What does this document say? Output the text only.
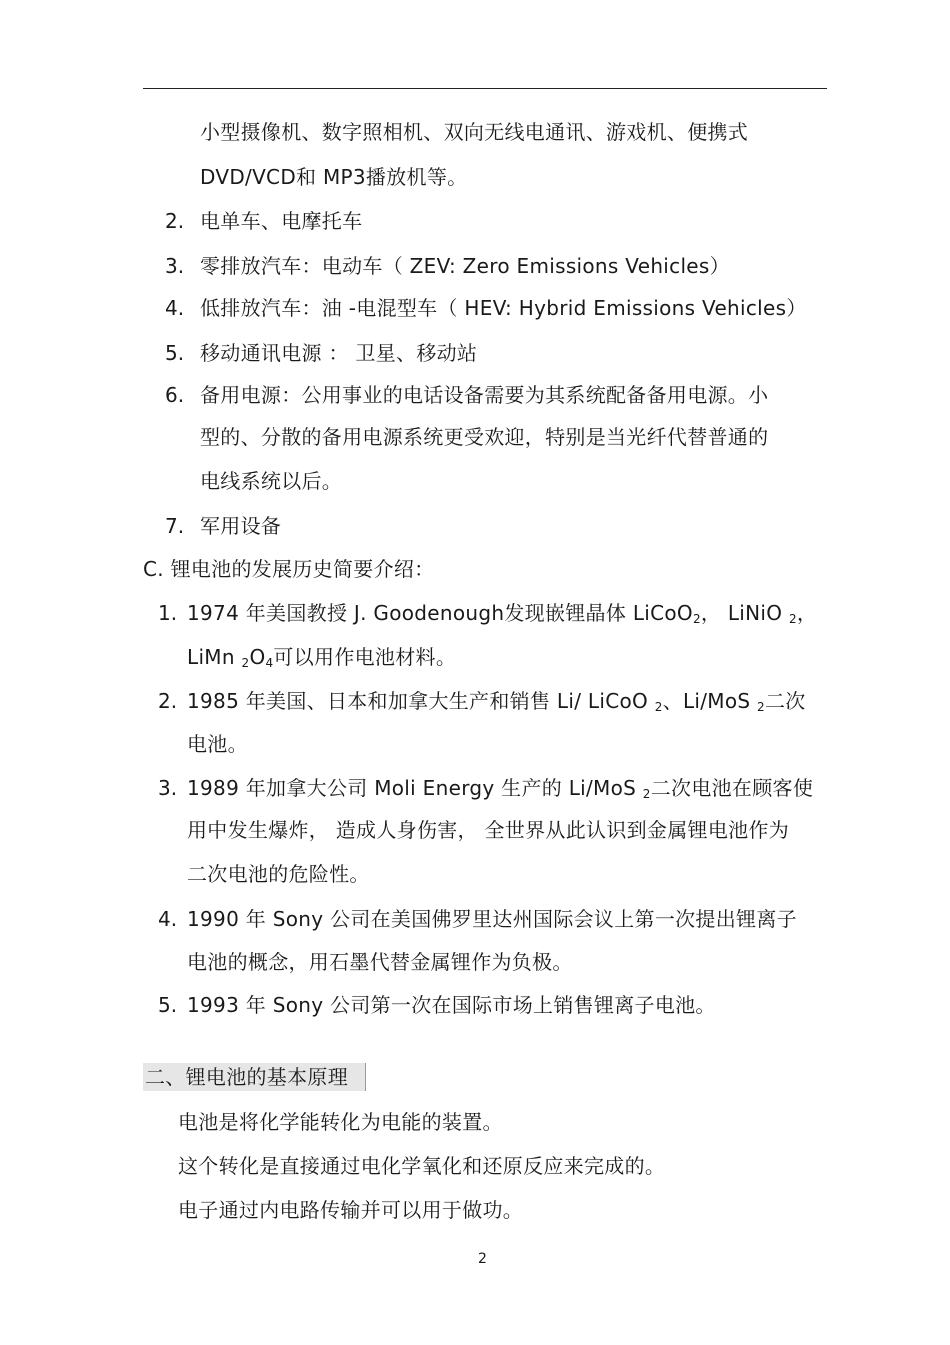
小型摄像机、数字照相机、双向无线电通讯、游戏机、便携式
DVD/VCD和 MP3播放机等。
2. 电单车、电摩托车
3. 零排放汽车：电动车（ ZEV: Zero Emissions Vehicles）
4. 低排放汽车：油 -电混型车（ HEV: Hybrid Emissions Vehicles）
5. 移动通讯电源 ： 卫星、移动站
6. 备用电源：公用事业的电话设备需要为其系统配备备用电源。小
型的、分散的备用电源系统更受欢迎，特别是当光纤代替普通的
电线系统以后。
7. 军用设备
C. 锂电池的发展历史简要介绍：
1. 1974 年美国教授 J. Goodenough发现嵌锂晶体 LiCoO$_2$， LiNiO $_2$，
LiMn $_2O_4$可以用作电池材料。
2. 1985 年美国、日本和加拿大生产和销售 Li/ LiCoO $_2$、Li/MoS $_2$二次
电池。
3. 1989 年加拿大公司 Moli Energy 生产的 Li/MoS $_2$二次电池在顾客使
用中发生爆炸， 造成人身伤害， 全世界从此认识到金属锂电池作为
二次电池的危险性。
4. 1990 年 Sony 公司在美国佛罗里达州国际会议上第一次提出锂离子
电池的概念，用石墨代替金属锂作为负极。
5. 1993 年 Sony 公司第一次在国际市场上销售锂离子电池。
二、锂电池的基本原理
电池是将化学能转化为电能的装置。
这个转化是直接通过电化学氧化和还原反应来完成的。
电子通过内电路传输并可以用于做功。
2
